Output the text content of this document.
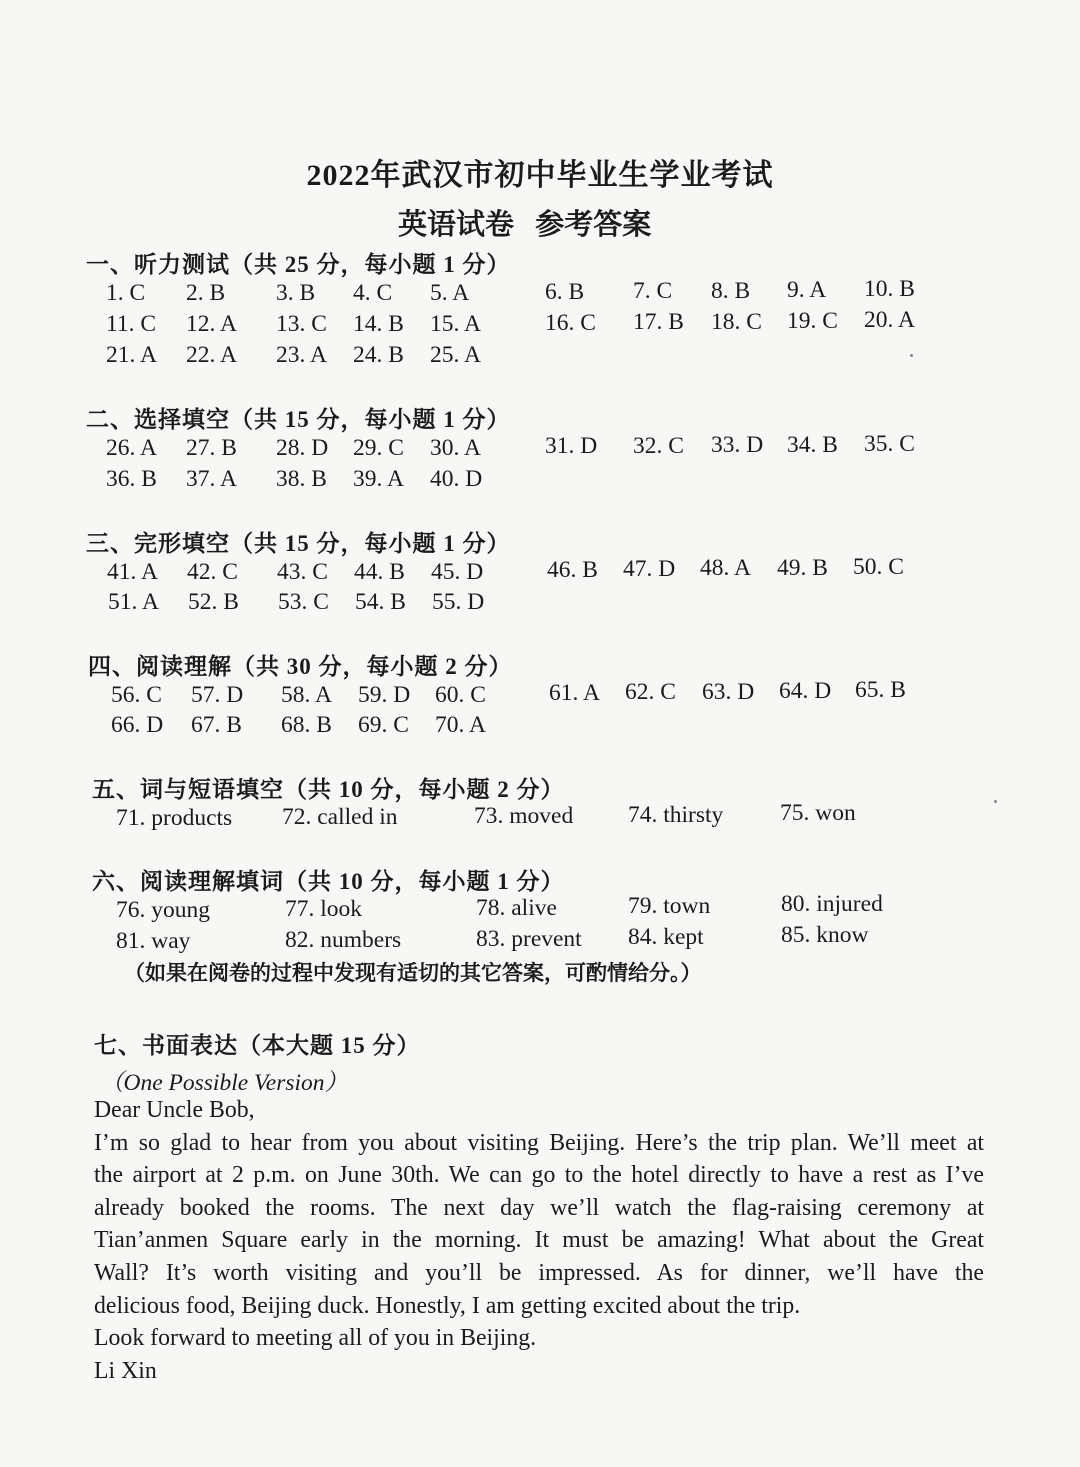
2022年武汉市初中毕业生学业考试
英语试卷 参考答案
一、听力测试（共 25 分，每小题 1 分）
1. C 2. B 3. B 4. C 5. A	6. B 7. C 8. B 9. A 10. B
11. C 12. A 13. C 14. B 15. A	16. C 17. B 18. C 19. C 20. A
21. A 22. A 23. A 24. B 25. A
二、选择填空（共 15 分，每小题 1 分）
26. A 27. B 28. D 29. C 30. A	31. D 32. C 33. D 34. B 35. C
36. B 37. A 38. B 39. A 40. D
三、完形填空（共 15 分，每小题 1 分）
41. A 42. C 43. C 44. B 45. D	46. B 47. D 48. A 49. B 50. C
51. A 52. B 53. C 54. B 55. D
四、阅读理解（共 30 分，每小题 2 分）
56. C 57. D 58. A 59. D 60. C	61. A 62. C 63. D 64. D 65. B
66. D 67. B 68. B 69. C 70. A
五、词与短语填空（共 10 分，每小题 2 分）
71. products 72. called in	73. moved 74. thirsty 75. won
六、阅读理解填词（共 10 分，每小题 1 分）
76. young	77. look	78. alive	79. town	80. injured
81. way	82. numbers	83. prevent 84. kept	85. know
（如果在阅卷的过程中发现有适切的其它答案，可酌情给分。）
七、书面表达（本大题 15 分）
（One Possible Version）

Dear Uncle Bob,

I’m so glad to hear from you about visiting Beijing. Here’s the trip plan. We’ll meet at

the airport at 2 p.m. on June 30th. We can go to the hotel directly to have a rest as I’ve

already booked the rooms. The next day we’ll watch the flag-raising ceremony at

Tian’anmen Square early in the morning. It must be amazing! What about the Great

Wall? It’s worth visiting and you’ll be impressed. As for dinner, we’ll have the

delicious food, Beijing duck. Honestly, I am getting excited about the trip.

Look forward to meeting all of you in Beijing.

Li Xin
